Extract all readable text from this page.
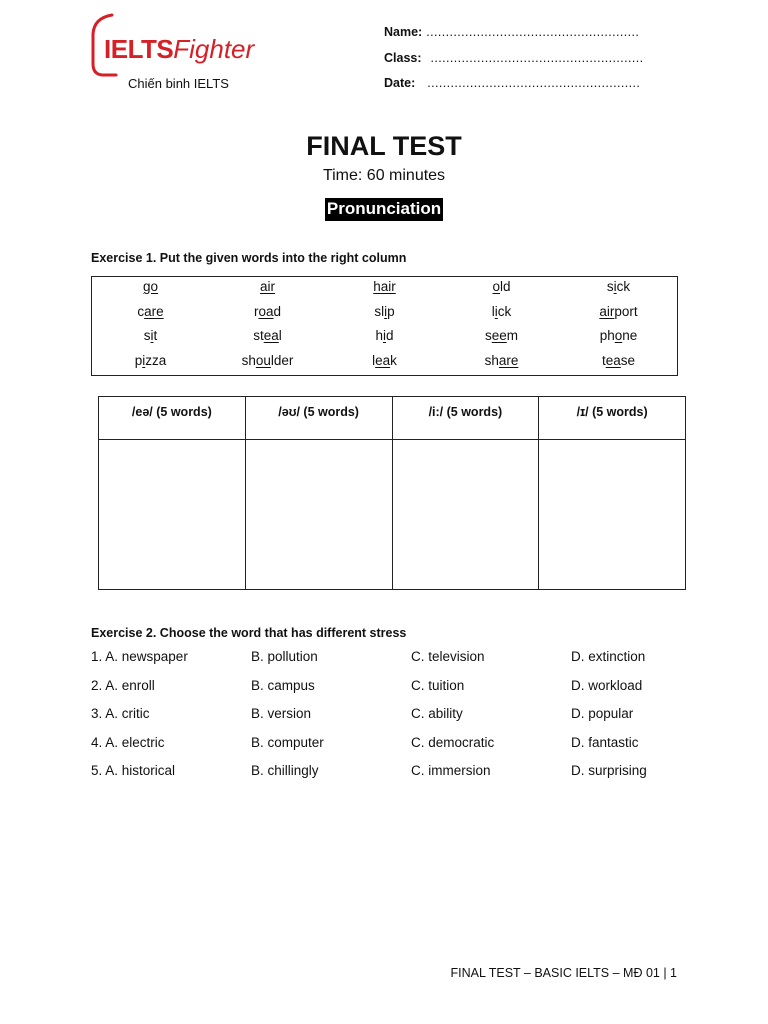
IELTSFighter
Chiến binh IELTS
Name: .......................................................
Class: .......................................................
Date: .......................................................
FINAL TEST
Time: 60 minutes
Pronunciation
Exercise 1. Put the given words into the right column
go	air	hair	old	sick
care	road	slip	lick	airport
sit	steal	hid	seem	phone
pizza	shoulder	leak	share	tease
/eə/ (5 words)	/əʊ/ (5 words)	/i:/ (5 words)	/ɪ/ (5 words)

Exercise 2. Choose the word that has different stress
1. A. newspaper	B. pollution	C. television	D. extinction
2. A. enroll	B. campus	C. tuition	D. workload
3. A. critic	B. version	C. ability	D. popular
4. A. electric	B. computer	C. democratic	D. fantastic
5. A. historical	B. chillingly	C. immersion	D. surprising
FINAL TEST – BASIC IELTS – MĐ 01 | 1
